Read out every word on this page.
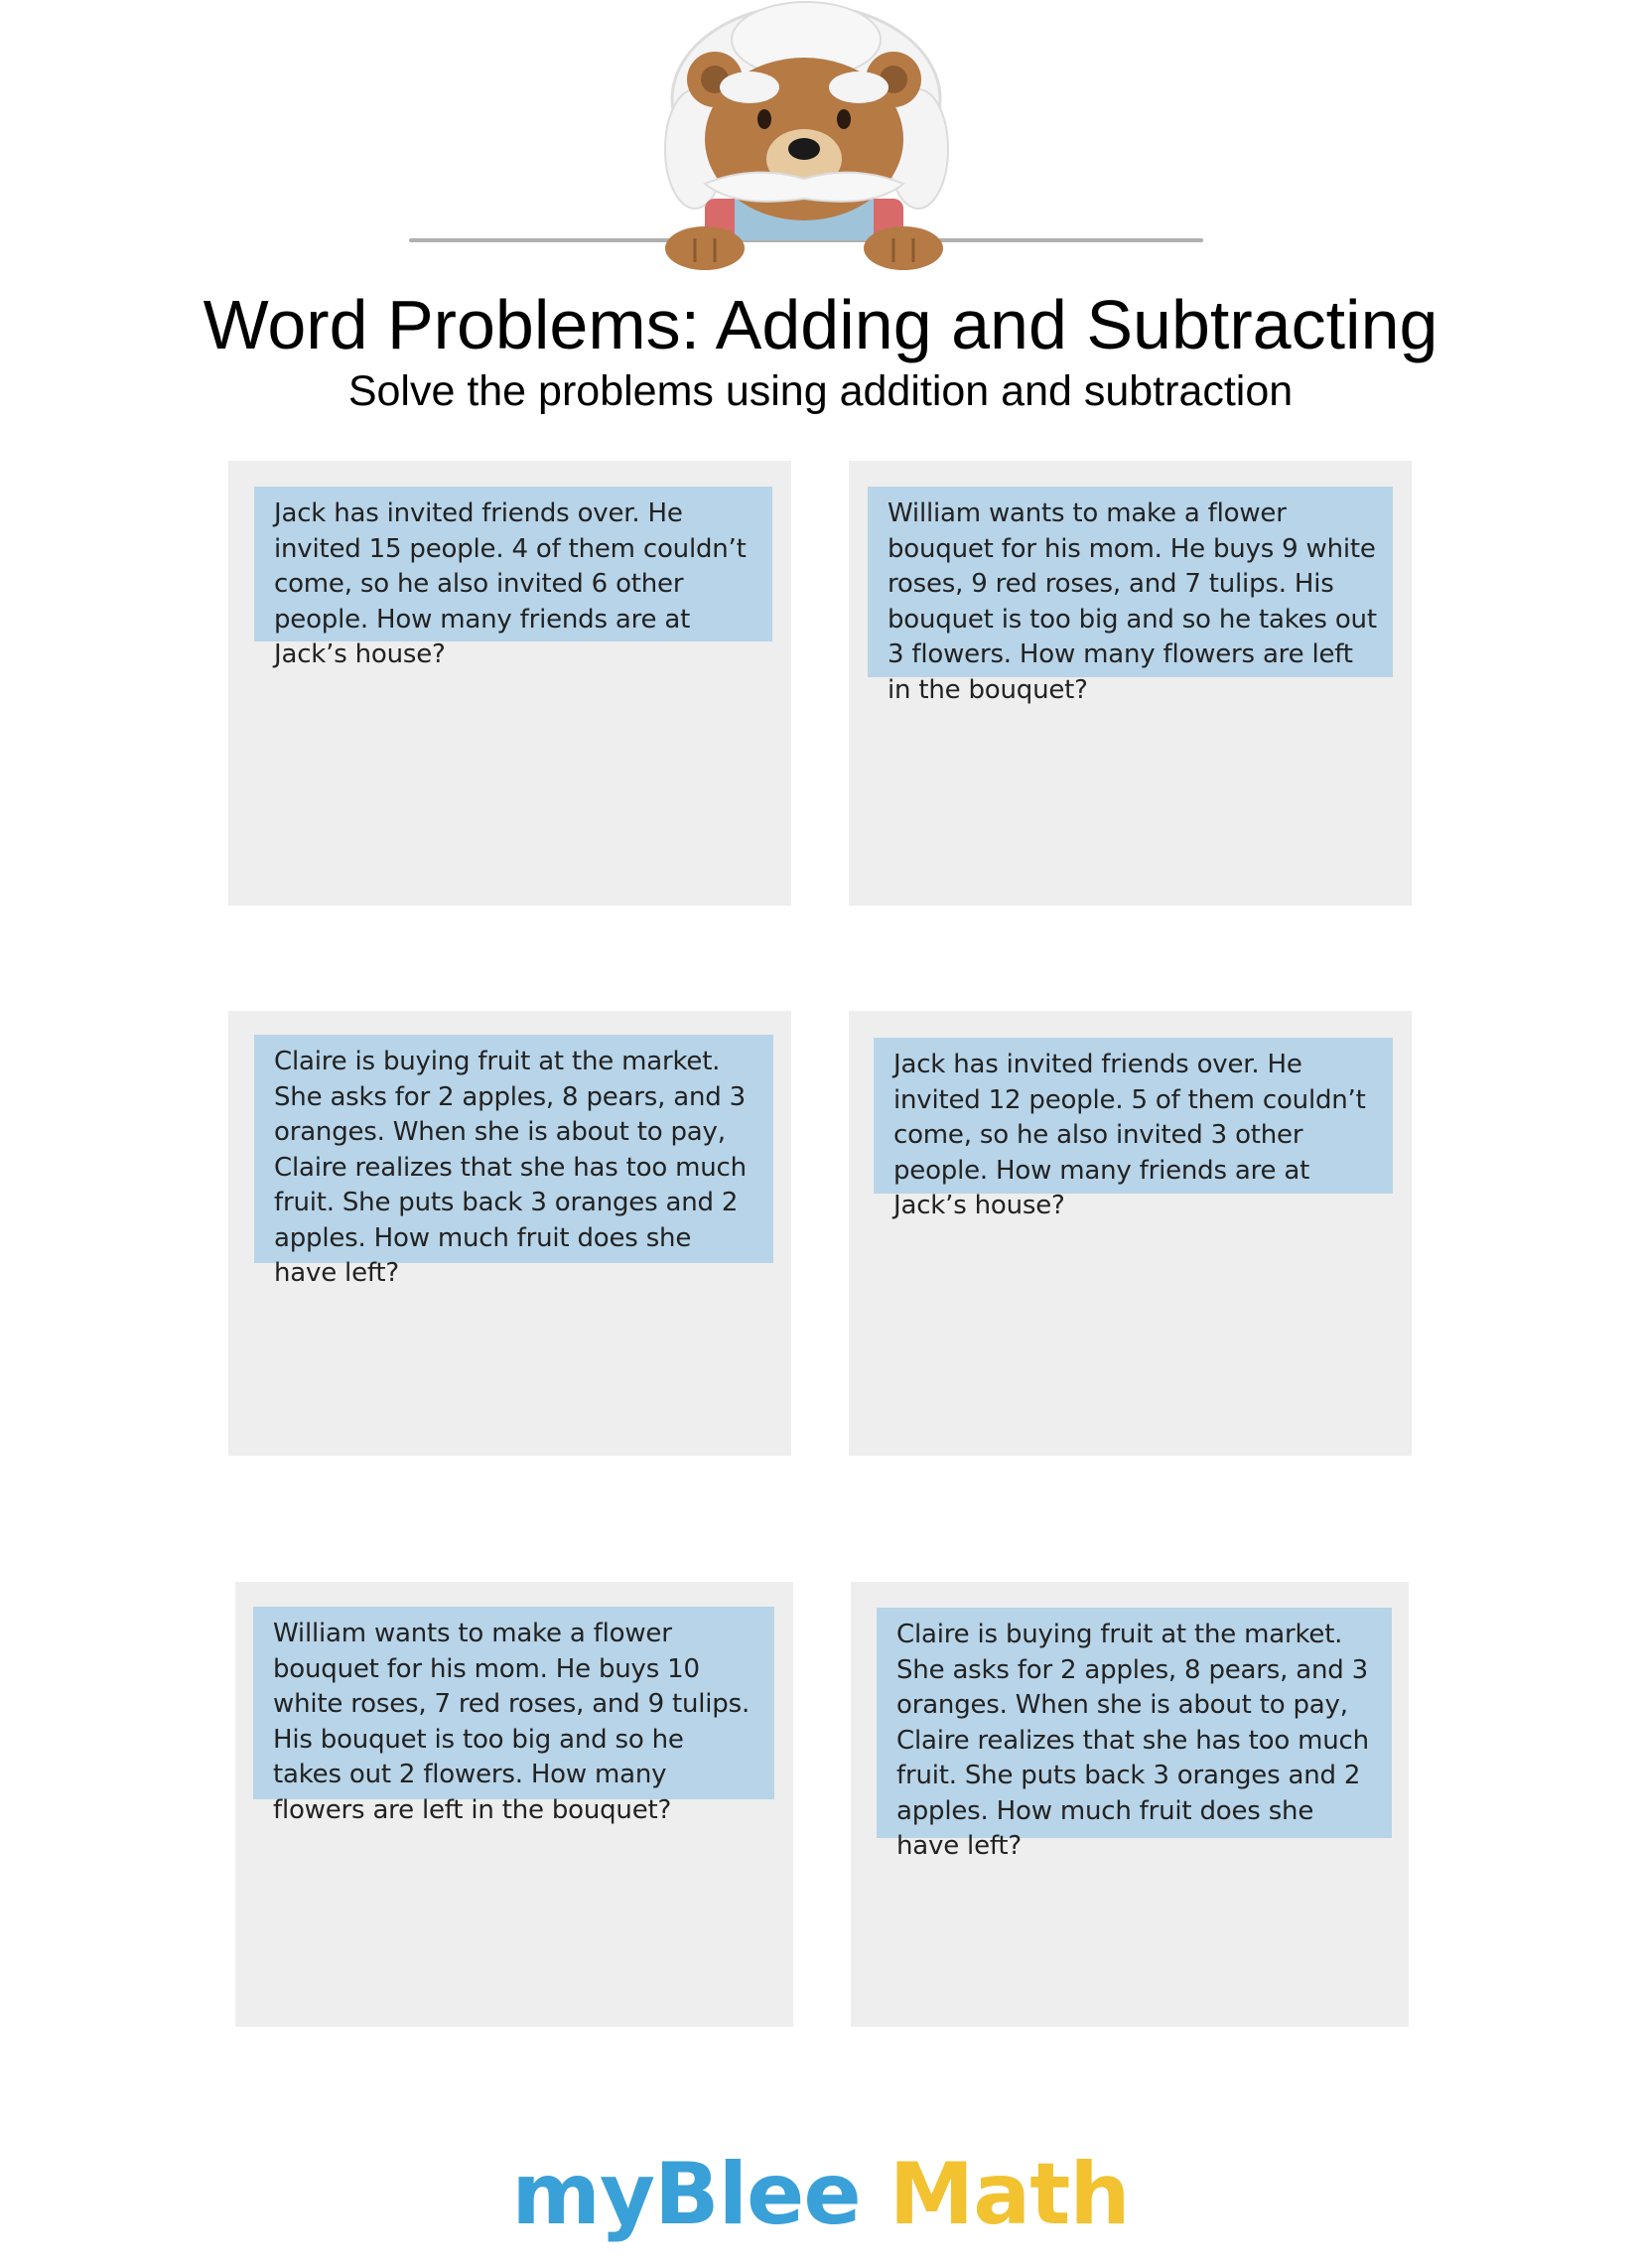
Word Problems: Adding and Subtracting
Solve the problems using addition and subtraction
Jack has invited friends over. He invited 15 people. 4 of them couldn’t come, so he also invited 6 other people. How many friends are at Jack’s house?
William wants to make a flower bouquet for his mom. He buys 9 white roses, 9 red roses, and 7 tulips. His bouquet is too big and so he takes out 3 flowers. How many flowers are left in the bouquet?
Claire is buying fruit at the market. She asks for 2 apples, 8 pears, and 3 oranges. When she is about to pay, Claire realizes that she has too much fruit. She puts back 3 oranges and 2 apples. How much fruit does she have left?
Jack has invited friends over. He invited 12 people. 5 of them couldn’t come, so he also invited 3 other people. How many friends are at Jack’s house?
William wants to make a flower bouquet for his mom. He buys 10 white roses, 7 red roses, and 9 tulips. His bouquet is too big and so he takes out 2 flowers. How many flowers are left in the bouquet?
Claire is buying fruit at the market. She asks for 2 apples, 8 pears, and 3 oranges. When she is about to pay, Claire realizes that she has too much fruit. She puts back 3 oranges and 2 apples. How much fruit does she have left?
myBlee Math
